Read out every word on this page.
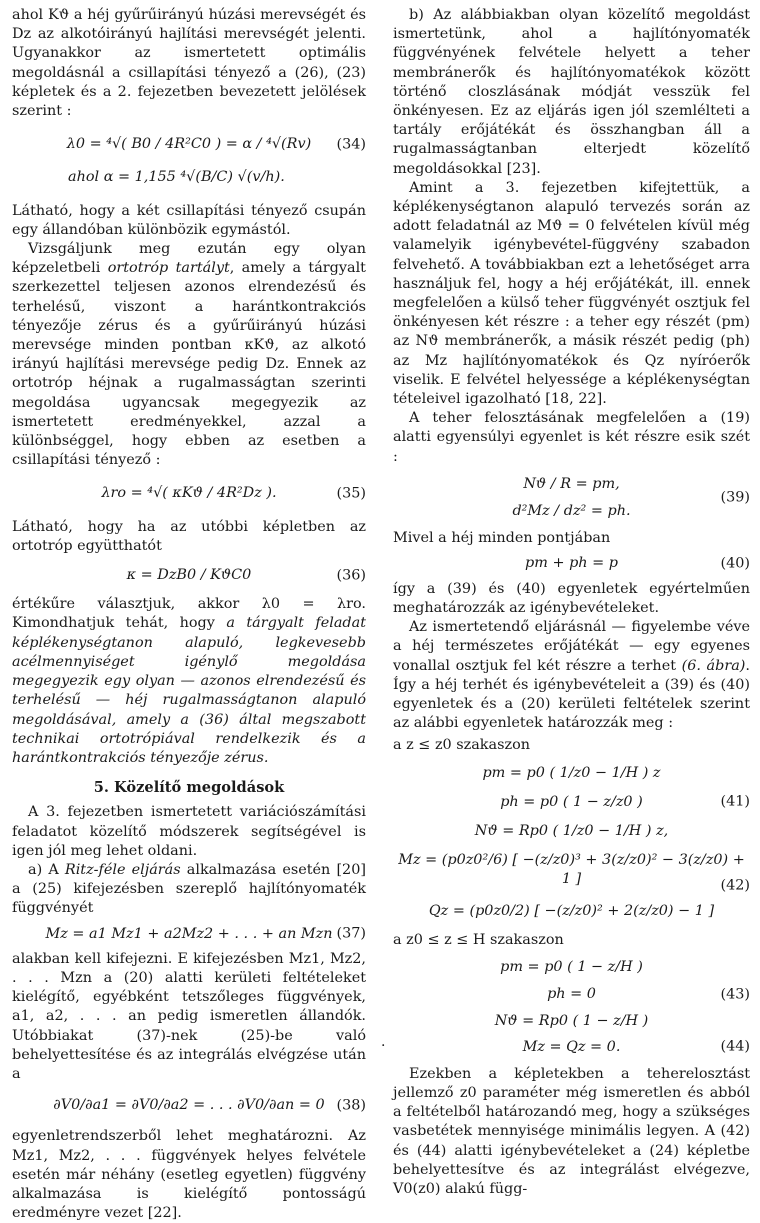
ahol Kϑ a héj gyűrűirányú húzási merevségét és Dz az alkotóirányú hajlítási merevségét jelenti. Ugyanakkor az ismertetett optimális megoldásnál a csillapítási tényező a (26), (23) képletek és a 2. fejezetben bevezetett jelölések szerint :

λ0 = ⁴√( B0 / 4R²C0 ) = α / ⁴√(Rv) (34)
ahol α = 1,155 ⁴√(B/C) √(v/h).

Látható, hogy a két csillapítási tényező csupán egy állandóban különbözik egymástól.

Vizsgáljunk meg ezután egy olyan képzeletbeli ortotróp tartályt, amely a tárgyalt szerkezettel teljesen azonos elrendezésű és terhelésű, viszont a harántkontrakciós tényezője zérus és a gyűrűirányú húzási merevsége minden pontban κKϑ, az alkotó irányú hajlítási merevsége pedig Dz. Ennek az ortotróp héjnak a rugalmasságtan szerinti megoldása ugyancsak megegyezik az ismertetett eredményekkel, azzal a különbséggel, hogy ebben az esetben a csillapítási tényező :

λro = ⁴√( κKϑ / 4R²Dz ).	(35)

Látható, hogy ha az utóbbi képletben az ortotróp együtthatót

κ = DzB0 / KϑC0	(36)

értékűre választjuk, akkor λ0 = λro. Kimondhatjuk tehát, hogy a tárgyalt feladat képlékenységtanon alapuló, legkevesebb acélmennyiséget igénylő megoldása megegyezik egy olyan — azonos elrendezésű és terhelésű — héj rugalmasságtanon alapuló megoldásával, amely a (36) által megszabott technikai ortotrópiával rendelkezik és a harántkontrakciós tényezője zérus.

5. Közelítő megoldások

A 3. fejezetben ismertetett variációszámítási feladatot közelítő módszerek segítségével is igen jól meg lehet oldani.

a) A Ritz-féle eljárás alkalmazása esetén [20] a (25) kifejezésben szereplő hajlítónyomaték függvényét

Mz = a1 Mz1 + a2Mz2 + . . . + an Mzn (37)

alakban kell kifejezni. E kifejezésben Mz1, Mz2, . . . Mzn a (20) alatti kerületi feltételeket kielégítő, egyébként tetszőleges függvények, a1, a2, . . . an pedig ismeretlen állandók. Utóbbiakat (37)-nek (25)-be való behelyettesítése és az integrálás elvégzése után a

∂V0/∂a1 = ∂V0/∂a2 = . . . ∂V0/∂an = 0 (38)

egyenletrendszerből lehet meghatározni. Az Mz1, Mz2, . . . függvények helyes felvétele esetén már néhány (esetleg egyetlen) függvény alkalmazása is kielégítő pontosságú eredményre vezet [22].

·

b) Az alábbiakban olyan közelítő megoldást ismertetünk, ahol a hajlítónyomaték függvényének felvétele helyett a teher membránerők és hajlítónyomatékok között történő closzlásának módját vesszük fel önkényesen. Ez az eljárás igen jól szemlélteti a tartály erőjátékát és összhangban áll a rugalmasságtanban elterjedt közelítő megoldásokkal [23].

Amint a 3. fejezetben kifejtettük, a képlékenységtanon alapuló tervezés során az adott feladatnál az Mϑ = 0 felvételen kívül még valamelyik igénybevétel-függvény szabadon felvehető. A továbbiakban ezt a lehetőséget arra használjuk fel, hogy a héj erőjátékát, ill. ennek megfelelően a külső teher függvényét osztjuk fel önkényesen két részre : a teher egy részét (pm) az Nϑ membránerők, a másik részét pedig (ph) az Mz hajlítónyomatékok és Qz nyíróerők viselik. E felvétel helyessége a képlékenységtan tételeivel igazolható [18, 22].

A teher felosztásának megfelelően a (19) alatti egyensúlyi egyenlet is két részre esik szét :

Nϑ / R = pm,
d²Mz / dz² = ph.
(39)

Mivel a héj minden pontjában

pm + ph = p	(40)

így a (39) és (40) egyenletek egyértelműen meghatározzák az igénybevételeket.

Az ismertetendő eljárásnál — figyelembe véve a héj természetes erőjátékát — egy egyenes vonallal osztjuk fel két részre a terhet (6. ábra). Így a héj terhét és igénybevételeit a (39) és (40) egyenletek és a (20) kerületi feltételek szerint az alábbi egyenletek határozzák meg :

a z ≤ z0 szakaszon

pm = p0 ( 1/z0 − 1/H ) z
ph = p0 ( 1 − z/z0 )
Nϑ = Rp0 ( 1/z0 − 1/H ) z,
(41)
Mz = (p0z0²/6) [ −(z/z0)³ + 3(z/z0)² − 3(z/z0) + 1 ]
Qz = (p0z0/2) [ −(z/z0)² + 2(z/z0) − 1 ]
(42)

a z0 ≤ z ≤ H szakaszon

pm = p0 ( 1 − z/H )
ph = 0
Nϑ = Rp0 ( 1 − z/H )
(43)
Mz = Qz = 0.	(44)

Ezekben a képletekben a teherelosztást jellemző z0 paraméter még ismeretlen és abból a feltételből határozandó meg, hogy a szükséges vasbetétek mennyisége minimális legyen. A (42) és (44) alatti igénybevételeket a (24) képletbe behelyettesítve és az integrálást elvégezve, V0(z0) alakú függ-
